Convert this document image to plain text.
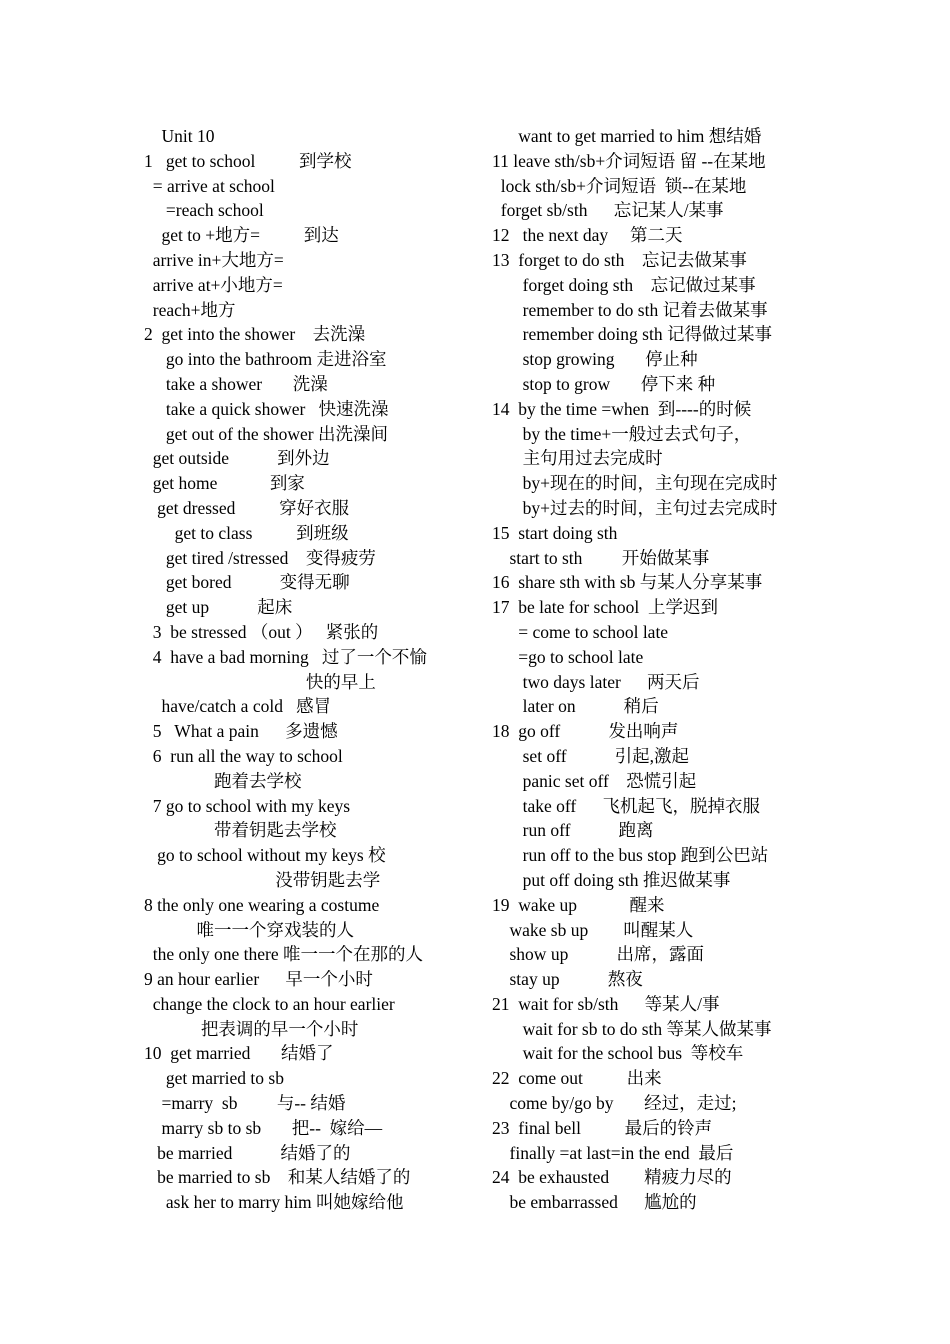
Unit 10
1   get to school          到学校
= arrive at school
=reach school
get to +地方=          到达
arrive in+大地方=
arrive at+小地方=
reach+地方
2  get into the shower    去洗澡
go into the bathroom 走进浴室
take a shower       洗澡
take a quick shower   快速洗澡
get out of the shower 出洗澡间
get outside           到外边
get home            到家
get dressed          穿好衣服
get to class          到班级
get tired /stressed    变得疲劳
get bored           变得无聊
get up           起床
3  be stressed （out ）   紧张的
4  have a bad morning   过了一个不愉
快的早上
have/catch a cold   感冒
5   What a pain      多遗憾
6  run all the way to school
跑着去学校
7 go to school with my keys
带着钥匙去学校
go to school without my keys 校
没带钥匙去学
8 the only one wearing a costume
唯一一个穿戏装的人
the only one there 唯一一个在那的人
9 an hour earlier      早一个小时
change the clock to an hour earlier
把表调的早一个小时
10  get married       结婚了
get married to sb
=marry  sb         与-- 结婚
marry sb to sb       把--  嫁给—
be married           结婚了的
be married to sb    和某人结婚了的
ask her to marry him 叫她嫁给他
want to get married to him 想结婚
11 leave sth/sb+介词短语 留 --在某地
lock sth/sb+介词短语  锁--在某地
forget sb/sth      忘记某人/某事
12   the next day     第二天
13  forget to do sth    忘记去做某事
forget doing sth    忘记做过某事
remember to do sth 记着去做某事
remember doing sth 记得做过某事
stop growing       停止种
stop to grow       停下来 种
14  by the time =when  到----的时候
by the time+一般过去式句子，
主句用过去完成时
by+现在的时间，主句现在完成时
by+过去的时间，主句过去完成时
15  start doing sth
start to sth         开始做某事
16  share sth with sb 与某人分享某事
17  be late for school  上学迟到
= come to school late
=go to school late
two days later      两天后
later on           稍后
18  go off           发出响声
set off           引起,激起
panic set off    恐慌引起
take off      飞机起飞，脱掉衣服
run off           跑离
run off to the bus stop 跑到公巴站
put off doing sth 推迟做某事
19  wake up            醒来
wake sb up        叫醒某人
show up           出席，露面
stay up           熬夜
21  wait for sb/sth      等某人/事
wait for sb to do sth 等某人做某事
wait for the school bus  等校车
22  come out          出来
come by/go by       经过，走过;
23  final bell          最后的铃声
finally =at last=in the end  最后
24  be exhausted        精疲力尽的
be embarrassed      尴尬的
